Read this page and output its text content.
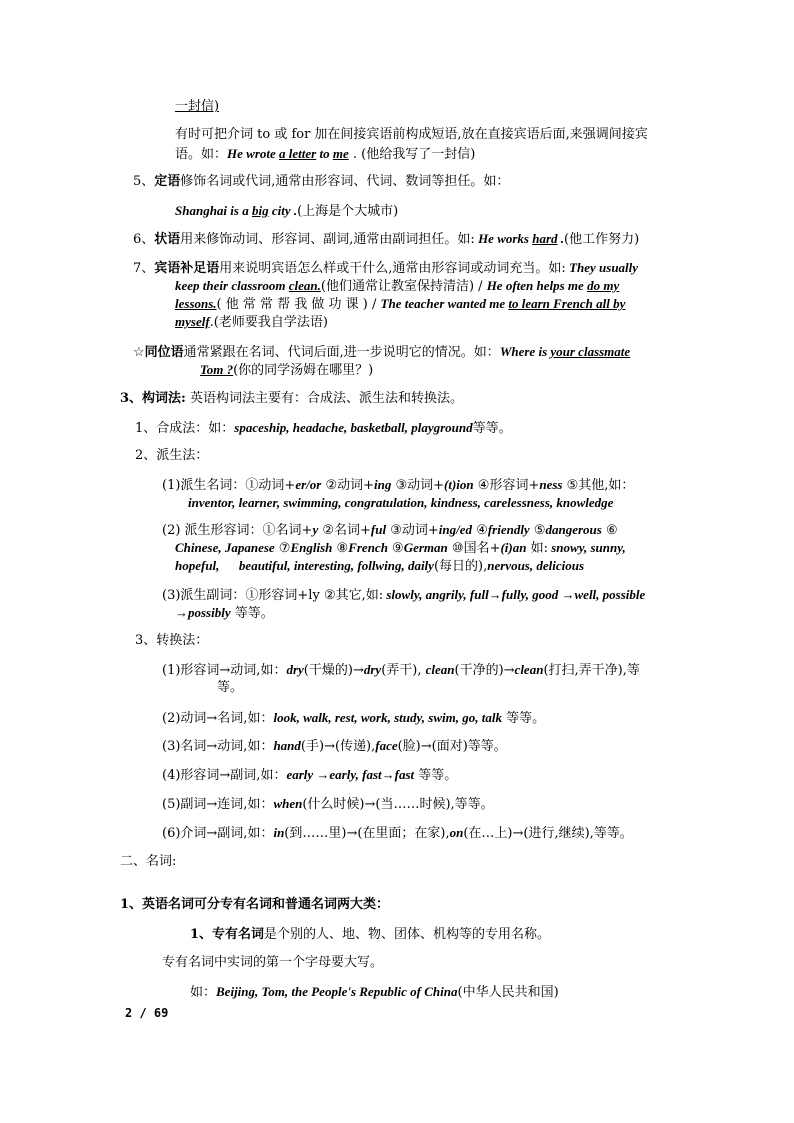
一封信)
有时可把介词 to 或 for 加在间接宾语前构成短语,放在直接宾语后面,来强调间接宾
语。如：He wrote a letter to me . (他给我写了一封信)
5、定语修饰名词或代词,通常由形容词、代词、数词等担任。如：
Shanghai is a big city .(上海是个大城市)
6、状语用来修饰动词、形容词、副词,通常由副词担任。如: He works hard .(他工作努力)
7、宾语补足语用来说明宾语怎么样或干什么,通常由形容词或动词充当。如: They usually
keep their classroom clean.(他们通常让教室保持清洁) / He often helps me do my
lessons.( 他 常 常 帮 我 做 功 课 ) / The teacher wanted me to learn French all by
myself.(老师要我自学法语)
☆同位语通常紧跟在名词、代词后面,进一步说明它的情况。如：Where is your classmate
Tom ?(你的同学汤姆在哪里？)
3、构词法: 英语构词法主要有：合成法、派生法和转换法。
1、合成法：如：spaceship, headache, basketball, playground等等。
2、派生法：
(1)派生名词：①动词+er/or ②动词+ing ③动词+(t)ion ④形容词+ness ⑤其他,如：
inventor, learner, swimming, congratulation, kindness, carelessness, knowledge
(2) 派生形容词：①名词+y ②名词+ful ③动词+ing/ed ④friendly ⑤dangerous ⑥
Chinese, Japanese ⑦English ⑧French ⑨German ⑩国名+(i)an 如: snowy, sunny,
hopeful,      beautiful, interesting, follwing, daily(每日的),nervous, delicious
(3)派生副词：①形容词+ly ②其它,如: slowly, angrily, full→fully, good →well, possible
→possibly 等等。
3、转换法：
(1)形容词→动词,如：dry(干燥的)→dry(弄干), clean(干净的)→clean(打扫,弄干净),等
等。
(2)动词→名词,如：look, walk, rest, work, study, swim, go, talk 等等。
(3)名词→动词,如：hand(手)→(传递),face(脸)→(面对)等等。
(4)形容词→副词,如：early →early, fast→fast 等等。
(5)副词→连词,如：when(什么时候)→(当……时候),等等。
(6)介词→副词,如：in(到……里)→(在里面；在家),on(在…上)→(进行,继续),等等。
二、名词:
1、英语名词可分专有名词和普通名词两大类：
1、专有名词是个别的人、地、物、团体、机构等的专用名称。
专有名词中实词的第一个字母要大写。
如：Beijing, Tom, the People's Republic of China(中华人民共和国)
2 / 69
